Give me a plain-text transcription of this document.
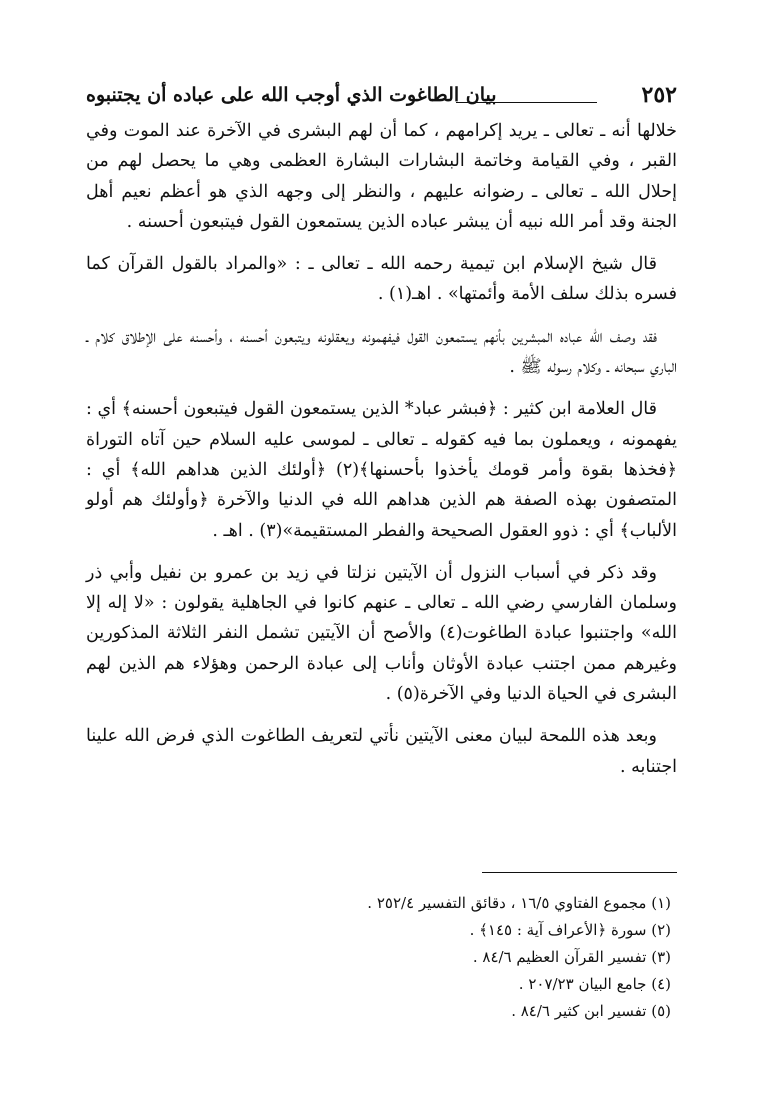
٢٥٢
بيان الطاغوت الذي أوجب الله على عباده أن يجتنبوه

خلالها أنه ـ تعالى ـ يريد إكرامهم ، كما أن لهم البشرى في الآخرة عند الموت وفي القبر ، وفي القيامة وخاتمة البشارات البشارة العظمى وهي ما يحصل لهم من إحلال الله ـ تعالى ـ رضوانه عليهم ، والنظر إلى وجهه الذي هو أعظم نعيم أهل الجنة وقد أمر الله نبيه أن يبشر عباده الذين يستمعون القول فيتبعون أحسنه .

قال شيخ الإسلام ابن تيمية رحمه الله ـ تعالى ـ : «والمراد بالقول القرآن كما فسره بذلك سلف الأمة وأئمتها» . اهـ(١) .

فقد وصف الله عباده المبشرين بأنهم يستمعون القول فيفهمونه ويعقلونه ويتبعون أحسنه ، وأحسنه على الإطلاق كلام ـ الباري سبحانه ـ وكلام رسوله ﷺ .

قال العلامة ابن كثير : ﴿فبشر عباد* الذين يستمعون القول فيتبعون أحسنه﴾ أي : يفهمونه ، ويعملون بما فيه كقوله ـ تعالى ـ لموسى عليه السلام حين آتاه التوراة ﴿فخذها بقوة وأمر قومك يأخذوا بأحسنها﴾(٢) ﴿أولئك الذين هداهم الله﴾ أي : المتصفون بهذه الصفة هم الذين هداهم الله في الدنيا والآخرة ﴿وأولئك هم أولو الألباب﴾ أي : ذوو العقول الصحيحة والفطر المستقيمة»(٣) . اهـ .

وقد ذكر في أسباب النزول أن الآيتين نزلتا في زيد بن عمرو بن نفيل وأبي ذر وسلمان الفارسي رضي الله ـ تعالى ـ عنهم كانوا في الجاهلية يقولون : «لا إله إلا الله» واجتنبوا عبادة الطاغوت(٤) والأصح أن الآيتين تشمل النفر الثلاثة المذكورين وغيرهم ممن اجتنب عبادة الأوثان وأناب إلى عبادة الرحمن وهؤلاء هم الذين لهم البشرى في الحياة الدنيا وفي الآخرة(٥) .

وبعد هذه اللمحة لبيان معنى الآيتين نأتي لتعريف الطاغوت الذي فرض الله علينا اجتنابه .

(١) مجموع الفتاوي ١٦/٥ ، دقائق التفسير ٢٥٢/٤ .
(٢) سورة ﴿الأعراف آية : ١٤٥﴾ .
(٣) تفسير القرآن العظيم ٨٤/٦ .
(٤) جامع البيان ٢٠٧/٢٣ .
(٥) تفسير ابن كثير ٨٤/٦ .
